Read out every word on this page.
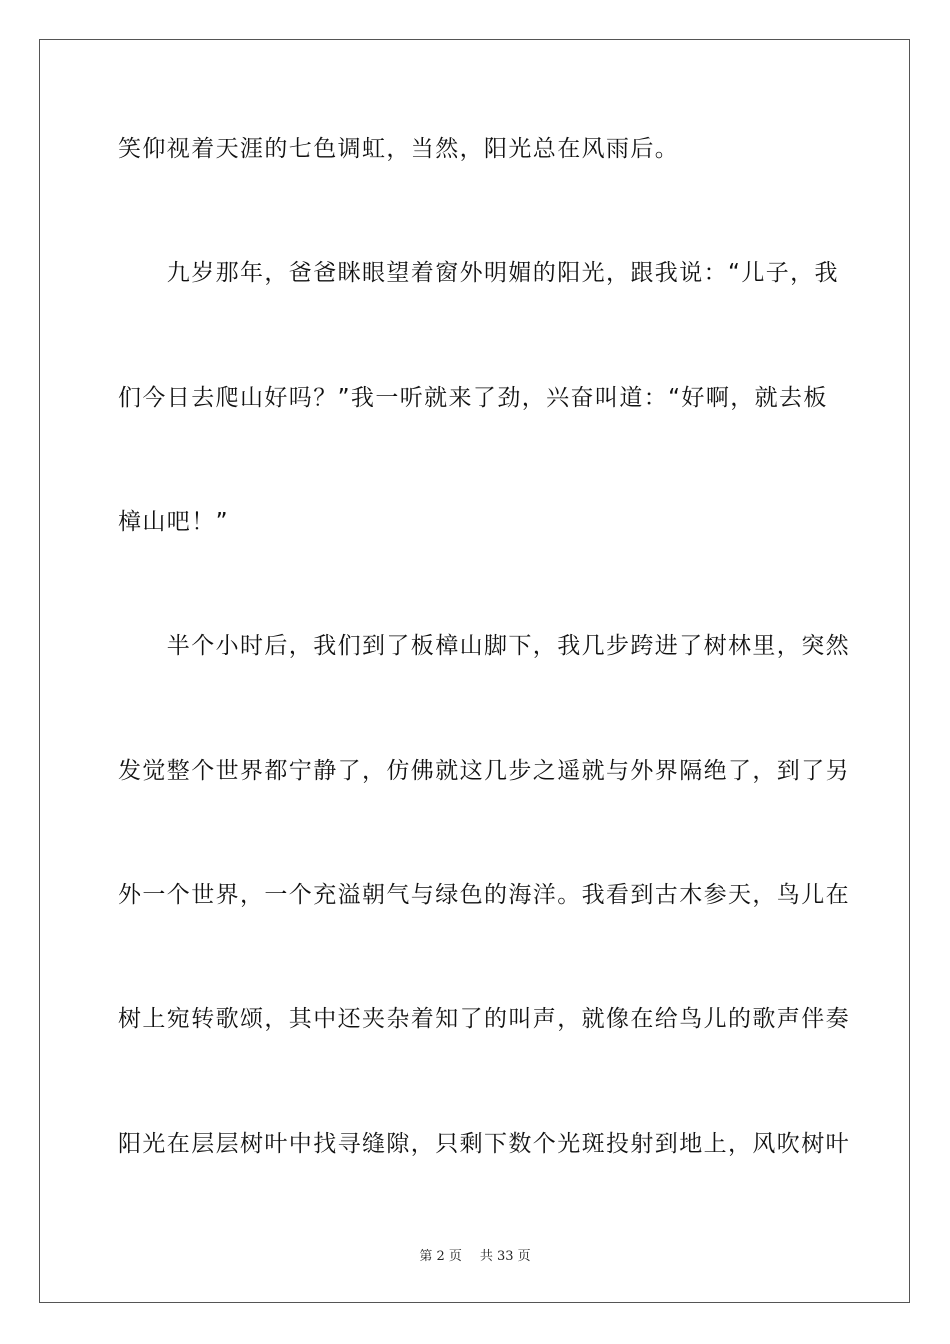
笑仰视着天涯的七色调虹，当然，阳光总在风雨后。
　　九岁那年，爸爸眯眼望着窗外明媚的阳光，跟我说：“儿子，我
们今日去爬山好吗？”我一听就来了劲，兴奋叫道：“好啊，就去板
樟山吧！”
　　半个小时后，我们到了板樟山脚下，我几步跨进了树林里，突然
发觉整个世界都宁静了，仿佛就这几步之遥就与外界隔绝了，到了另
外一个世界，一个充溢朝气与绿色的海洋。我看到古木参天，鸟儿在
树上宛转歌颂，其中还夹杂着知了的叫声，就像在给鸟儿的歌声伴奏
阳光在层层树叶中找寻缝隙，只剩下数个光斑投射到地上，风吹树叶
第 2 页 共 33 页
